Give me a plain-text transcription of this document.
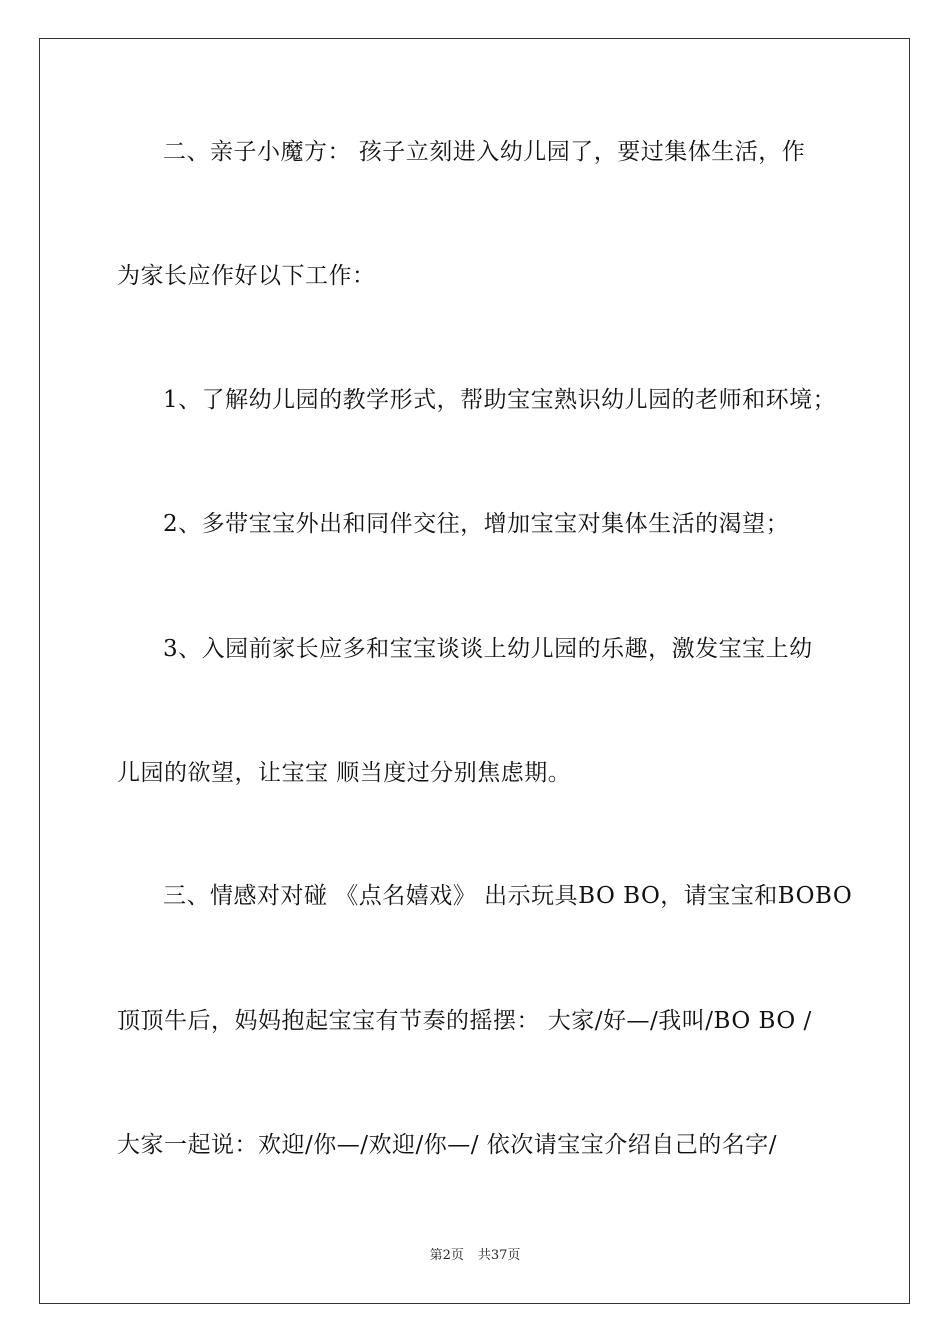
二、亲子小魔方： 孩子立刻进入幼儿园了，要过集体生活，作
为家长应作好以下工作：
1、了解幼儿园的教学形式，帮助宝宝熟识幼儿园的老师和环境；
2、多带宝宝外出和同伴交往，增加宝宝对集体生活的渴望；
3、入园前家长应多和宝宝谈谈上幼儿园的乐趣，激发宝宝上幼
儿园的欲望，让宝宝 顺当度过分别焦虑期。
三、情感对对碰 《点名嬉戏》 出示玩具BO BO，请宝宝和BOBO
顶顶牛后，妈妈抱起宝宝有节奏的摇摆： 大家/好—/我叫/BO BO /
大家一起说：欢迎/你—/欢迎/你—/ 依次请宝宝介绍自己的名字/
第2页 共37页
